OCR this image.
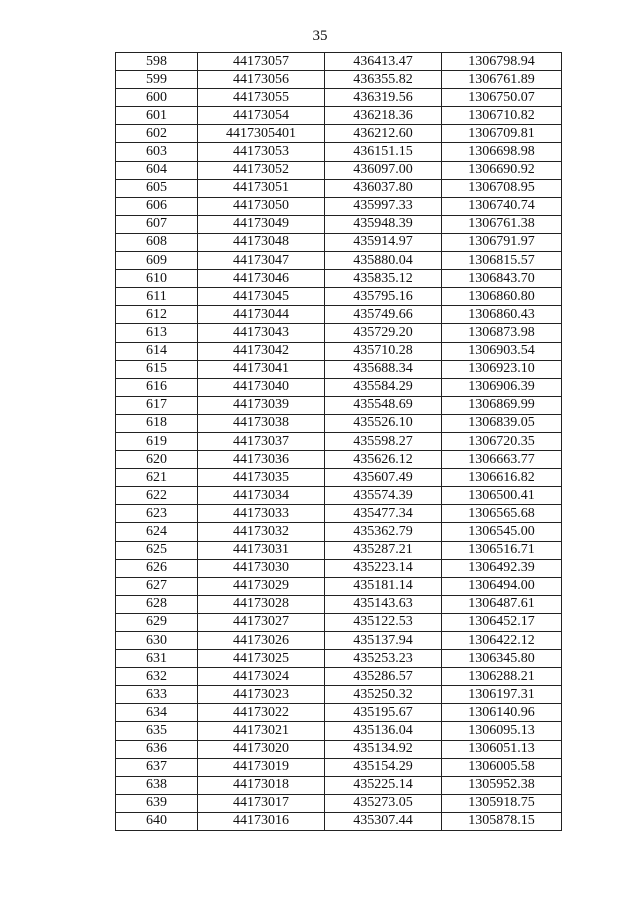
35
598	44173057	436413.47	1306798.94
599	44173056	436355.82	1306761.89
600	44173055	436319.56	1306750.07
601	44173054	436218.36	1306710.82
602	4417305401	436212.60	1306709.81
603	44173053	436151.15	1306698.98
604	44173052	436097.00	1306690.92
605	44173051	436037.80	1306708.95
606	44173050	435997.33	1306740.74
607	44173049	435948.39	1306761.38
608	44173048	435914.97	1306791.97
609	44173047	435880.04	1306815.57
610	44173046	435835.12	1306843.70
611	44173045	435795.16	1306860.80
612	44173044	435749.66	1306860.43
613	44173043	435729.20	1306873.98
614	44173042	435710.28	1306903.54
615	44173041	435688.34	1306923.10
616	44173040	435584.29	1306906.39
617	44173039	435548.69	1306869.99
618	44173038	435526.10	1306839.05
619	44173037	435598.27	1306720.35
620	44173036	435626.12	1306663.77
621	44173035	435607.49	1306616.82
622	44173034	435574.39	1306500.41
623	44173033	435477.34	1306565.68
624	44173032	435362.79	1306545.00
625	44173031	435287.21	1306516.71
626	44173030	435223.14	1306492.39
627	44173029	435181.14	1306494.00
628	44173028	435143.63	1306487.61
629	44173027	435122.53	1306452.17
630	44173026	435137.94	1306422.12
631	44173025	435253.23	1306345.80
632	44173024	435286.57	1306288.21
633	44173023	435250.32	1306197.31
634	44173022	435195.67	1306140.96
635	44173021	435136.04	1306095.13
636	44173020	435134.92	1306051.13
637	44173019	435154.29	1306005.58
638	44173018	435225.14	1305952.38
639	44173017	435273.05	1305918.75
640	44173016	435307.44	1305878.15
